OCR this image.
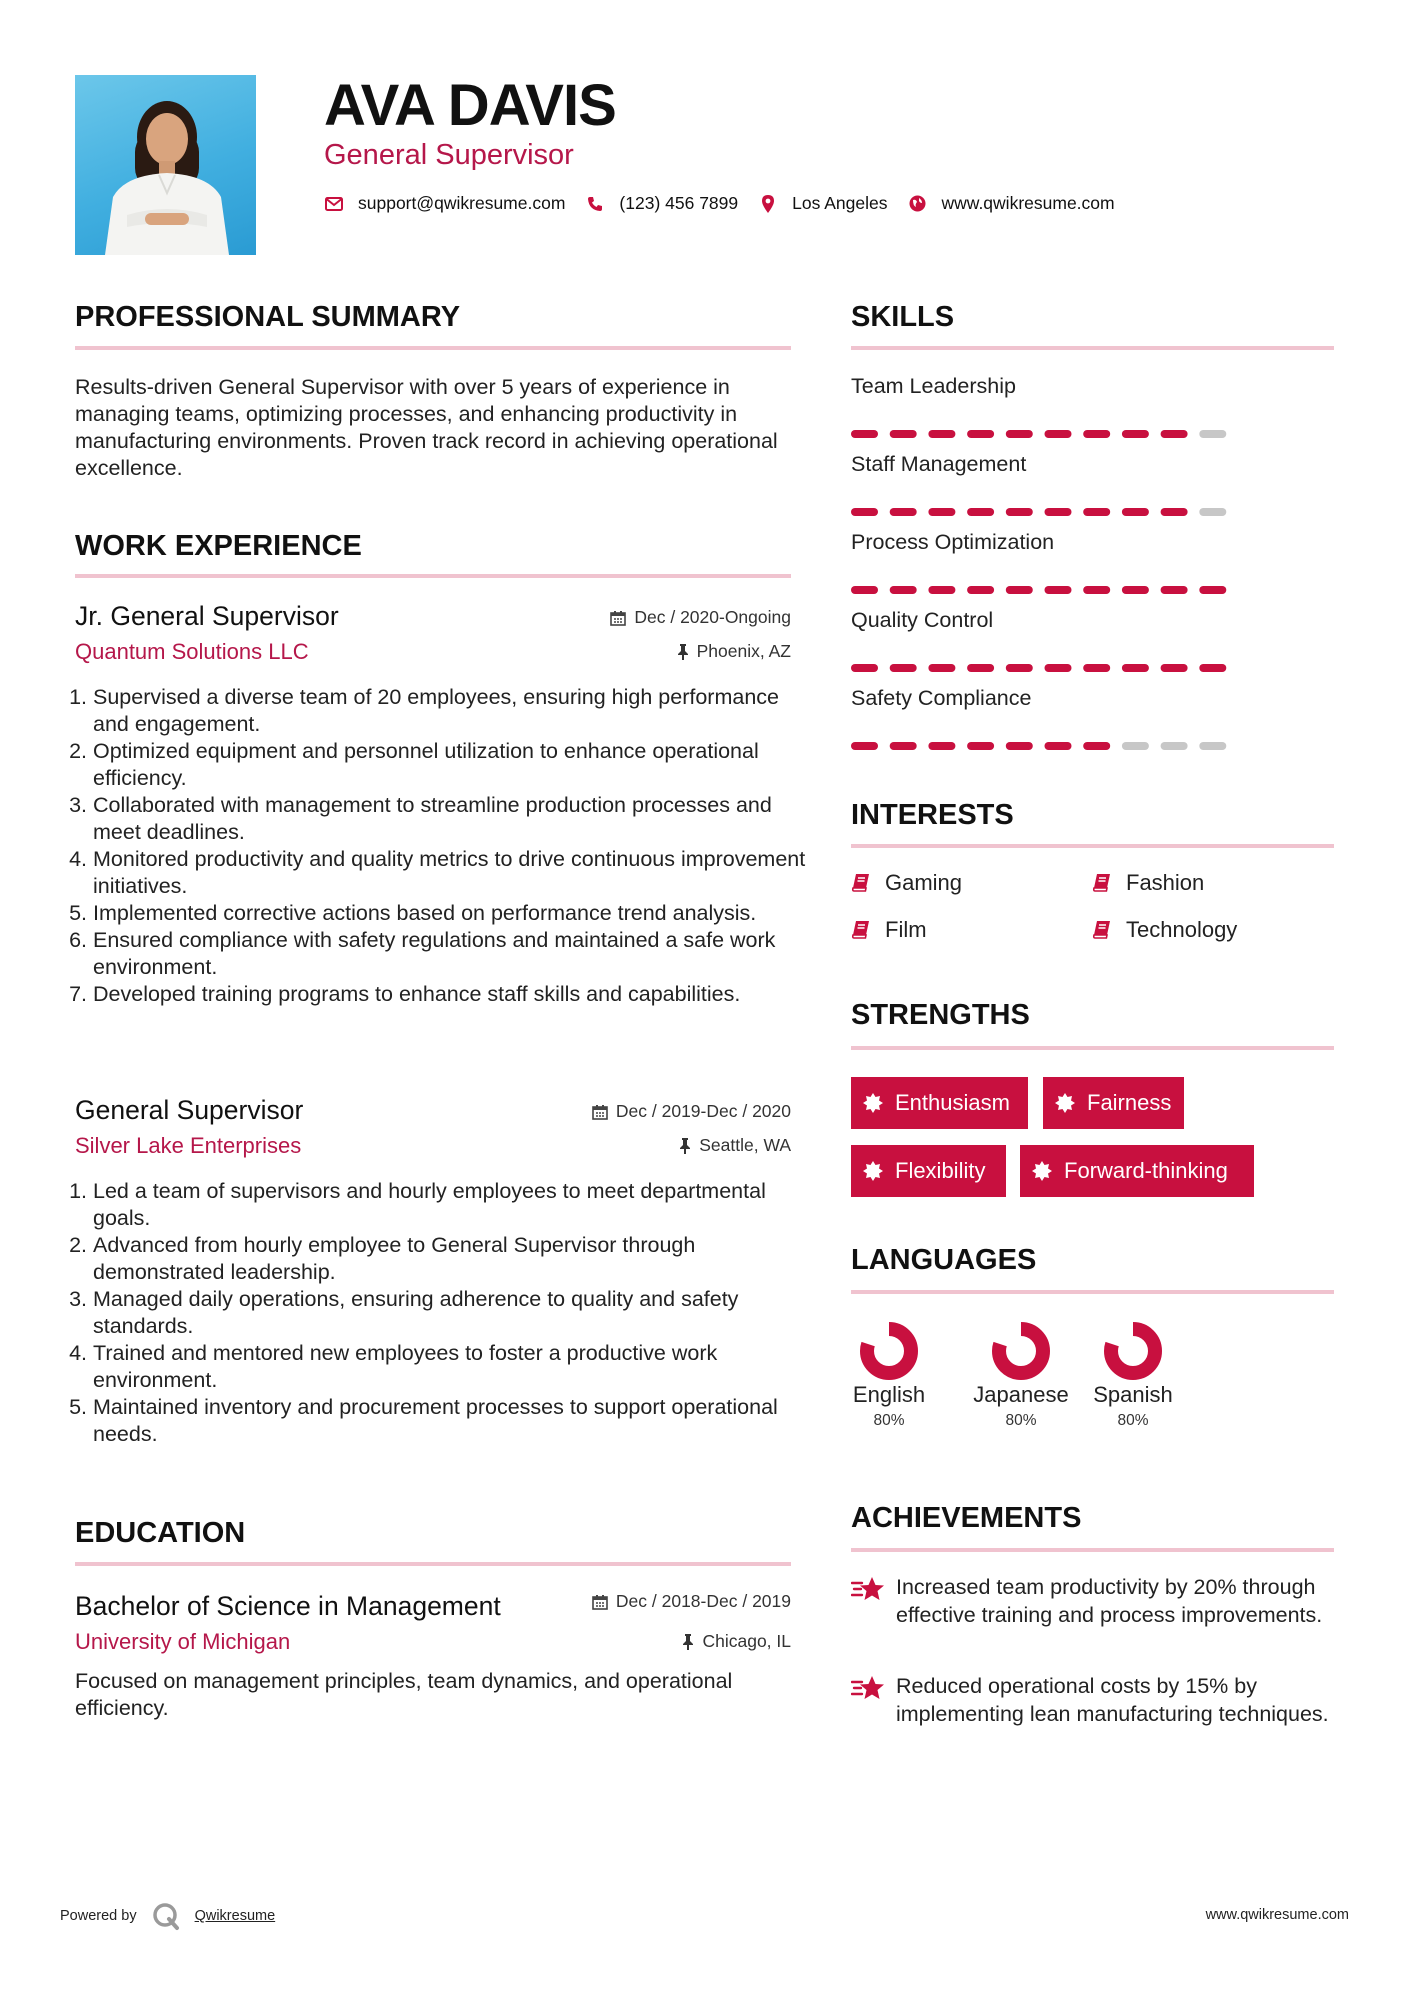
AVA DAVIS
General Supervisor
support@qwikresume.com	(123) 456 7899	Los Angeles	www.qwikresume.com
PROFESSIONAL SUMMARY

Results-driven General Supervisor with over 5 years of experience in managing teams, optimizing processes, and enhancing productivity in manufacturing environments. Proven track record in achieving operational excellence.

WORK EXPERIENCE
Jr. General Supervisor
Quantum Solutions LLC
Dec / 2020-Ongoing
Phoenix, AZ
1. Supervised a diverse team of 20 employees, ensuring high performance and engagement.
2. Optimized equipment and personnel utilization to enhance operational efficiency.
3. Collaborated with management to streamline production processes and meet deadlines.
4. Monitored productivity and quality metrics to drive continuous improvement initiatives.
5. Implemented corrective actions based on performance trend analysis.
6. Ensured compliance with safety regulations and maintained a safe work environment.
7. Developed training programs to enhance staff skills and capabilities.
General Supervisor
Silver Lake Enterprises
Dec / 2019-Dec / 2020
Seattle, WA
1. Led a team of supervisors and hourly employees to meet departmental goals.
2. Advanced from hourly employee to General Supervisor through demonstrated leadership.
3. Managed daily operations, ensuring adherence to quality and safety standards.
4. Trained and mentored new employees to foster a productive work environment.
5. Maintained inventory and procurement processes to support operational needs.
EDUCATION
Bachelor of Science in Management
University of Michigan
Dec / 2018-Dec / 2019
Chicago, IL

Focused on management principles, team dynamics, and operational efficiency.

SKILLS
Team Leadership
Staff Management
Process Optimization
Quality Control
Safety Compliance
INTERESTS
Gaming	Fashion
Film	Technology
STRENGTHS
Enthusiasm	Fairness
Flexibility	Forward-thinking
LANGUAGES
English
80%
Japanese
80%
Spanish
80%
ACHIEVEMENTS

Increased team productivity by 20% through effective training and process improvements.

Reduced operational costs by 15% by implementing lean manufacturing techniques.

Powered by	Qwikresume	www.qwikresume.com
